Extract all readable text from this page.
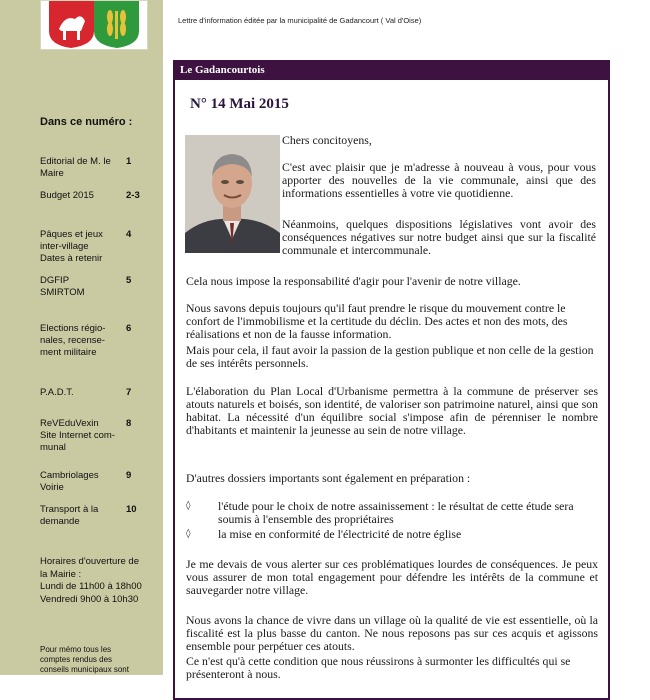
Dans ce numéro :
Editorial de M. le
Maire
1
Budget 2015	2-3
Pâques et jeux
inter-village
Dates à retenir
4
DGFIP
SMIRTOM
5
Elections régio-
nales, recense-
ment militaire
6
P.A.D.T.	7
ReVEduVexin
Site Internet com-
munal
8
Cambriolages
Voirie
9
Transport à la
demande
10
Horaires d'ouverture de
la Mairie :
Lundi de 11h00 à 18h00
Vendredi 9h00 à 10h30
Pour mémo tous les
comptes rendus des
conseils municipaux sont
Lettre d'information éditée par la municipalité de Gadancourt ( Val d'Oise)
Le Gadancourtois
N° 14 Mai 2015
Chers concitoyens,
C'est avec plaisir que je m'adresse à nouveau à vous, pour vous apporter des nouvelles de la vie communale, ainsi que des informations essentielles à votre vie quotidienne.
Néanmoins, quelques dispositions législatives vont avoir des conséquences négatives sur notre budget ainsi que sur la fiscalité communale et intercommunale.
Cela nous impose la responsabilité d'agir pour l'avenir de notre village.
Nous savons depuis toujours qu'il faut prendre le risque du mouvement contre le confort de l'immobilisme et la certitude du déclin. Des actes et non des mots, des réalisations et non de la fausse information.
Mais pour cela, il faut avoir la passion de la gestion publique et non celle de la gestion de ses intérêts personnels.
L'élaboration du Plan Local d'Urbanisme permettra à la commune de préserver ses atouts naturels et boisés, son identité, de valoriser son patrimoine naturel, ainsi que son habitat. La nécessité d'un équilibre social s'impose afin de pérenniser le nombre d'habitants et maintenir la jeunesse au sein de notre village.
D'autres dossiers importants sont également en préparation :
◊ l'étude pour le choix de notre assainissement : le résultat de cette étude sera soumis à l'ensemble des propriétaires
◊ la mise en conformité de l'électricité de notre église
Je me devais de vous alerter sur ces problématiques lourdes de conséquences. Je peux vous assurer de mon total engagement pour défendre les intérêts de la commune et sauvegarder notre village.
Nous avons la chance de vivre dans un village où la qualité de vie est essentielle, où la fiscalité est la plus basse du canton. Ne nous reposons pas sur ces acquis et agissons ensemble pour perpétuer ces atouts.
Ce n'est qu'à cette condition que nous réussirons à surmonter les difficultés qui se présenteront à nous.
